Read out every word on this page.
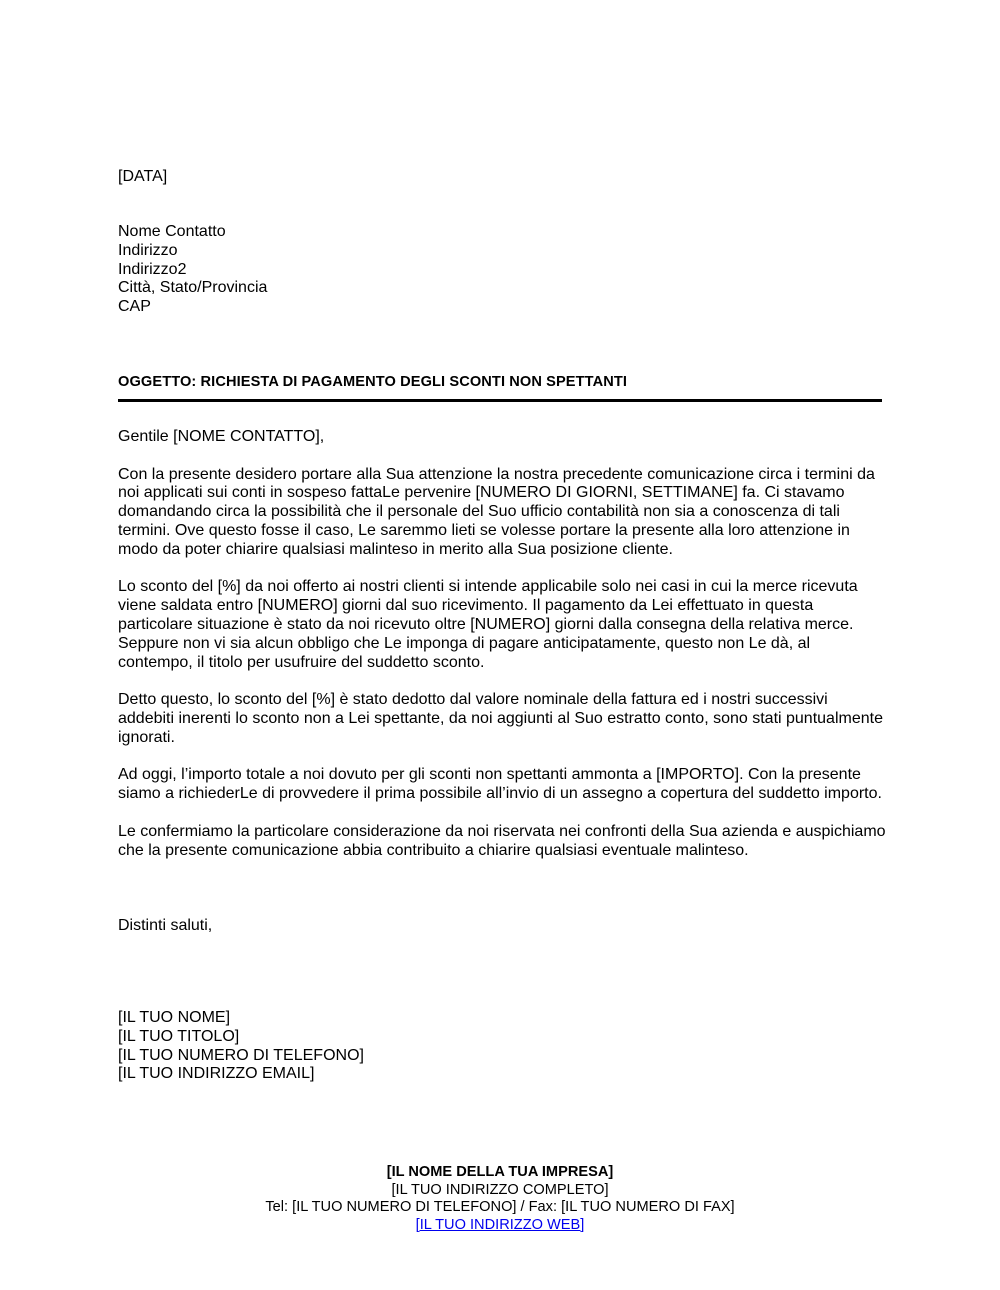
[DATA]
Nome Contatto
Indirizzo
Indirizzo2
Città, Stato/Provincia
CAP
OGGETTO: RICHIESTA DI PAGAMENTO DEGLI SCONTI NON SPETTANTI

Gentile [NOME CONTATTO],

Con la presente desidero portare alla Sua attenzione la nostra precedente comunicazione circa i termini da noi applicati sui conti in sospeso fattaLe pervenire [NUMERO DI GIORNI, SETTIMANE] fa. Ci stavamo domandando circa la possibilità che il personale del Suo ufficio contabilità non sia a conoscenza di tali termini. Ove questo fosse il caso, Le saremmo lieti se volesse portare la presente alla loro attenzione in modo da poter chiarire qualsiasi malinteso in merito alla Sua posizione cliente.

Lo sconto del [%] da noi offerto ai nostri clienti si intende applicabile solo nei casi in cui la merce ricevuta viene saldata entro [NUMERO] giorni dal suo ricevimento. Il pagamento da Lei effettuato in questa particolare situazione è stato da noi ricevuto oltre [NUMERO] giorni dalla consegna della relativa merce. Seppure non vi sia alcun obbligo che Le imponga di pagare anticipatamente, questo non Le dà, al contempo, il titolo per usufruire del suddetto sconto.

Detto questo, lo sconto del [%] è stato dedotto dal valore nominale della fattura ed i nostri successivi addebiti inerenti lo sconto non a Lei spettante, da noi aggiunti al Suo estratto conto, sono stati puntualmente ignorati.

Ad oggi, l’importo totale a noi dovuto per gli sconti non spettanti ammonta a [IMPORTO]. Con la presente siamo a richiederLe di provvedere il prima possibile all’invio di un assegno a copertura del suddetto importo.

Le confermiamo la particolare considerazione da noi riservata nei confronti della Sua azienda e auspichiamo che la presente comunicazione abbia contribuito a chiarire qualsiasi eventuale malinteso.

Distinti saluti,
[IL TUO NOME]
[IL TUO TITOLO]
[IL TUO NUMERO DI TELEFONO]
[IL TUO INDIRIZZO EMAIL]
[IL NOME DELLA TUA IMPRESA]
[IL TUO INDIRIZZO COMPLETO]
Tel: [IL TUO NUMERO DI TELEFONO] / Fax: [IL TUO NUMERO DI FAX]
[IL TUO INDIRIZZO WEB]
